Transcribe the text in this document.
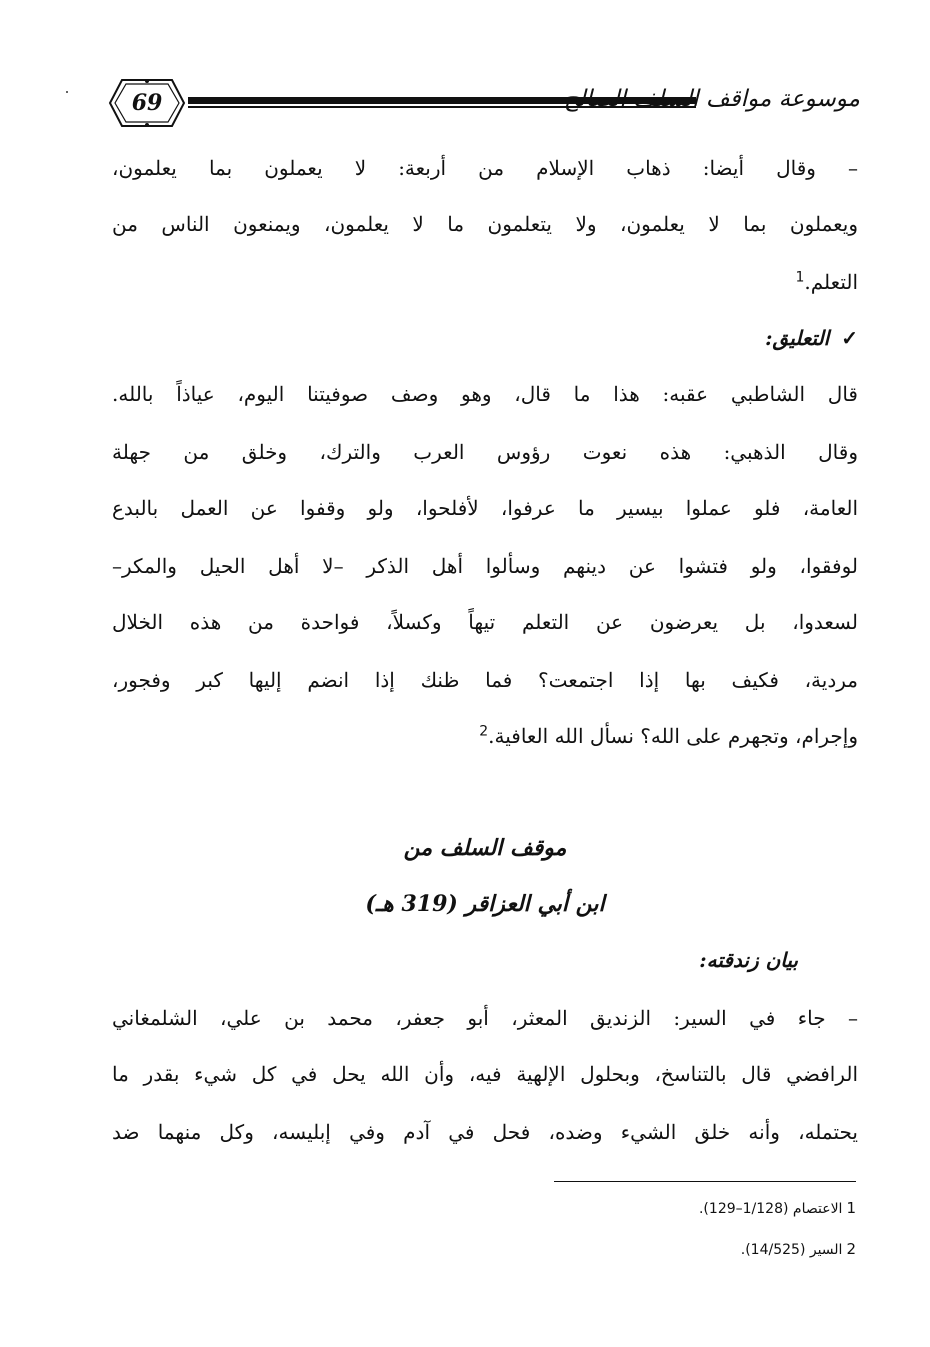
69	موسوعة مواقف السلف الصالح
– وقال أيضا: ذهاب الإسلام من أربعة: لا يعملون بما يعلمون،
ويعملون بما لا يعلمون، ولا يتعلمون ما لا يعلمون، ويمنعون الناس من
التعلم.$^1$
✓التعليق:
قال الشاطبي عقبه: هذا ما قال، وهو وصف صوفيتنا اليوم، عياذاً بالله.
وقال الذهبي: هذه نعوت رؤوس العرب والترك، وخلق من جهلة
العامة، فلو عملوا بيسير ما عرفوا، لأفلحوا، ولو وقفوا عن العمل بالبدع
لوفقوا، ولو فتشوا عن دينهم وسألوا أهل الذكر –لا أهل الحيل والمكر–
لسعدوا، بل يعرضون عن التعلم تيهاً وكسلاً، فواحدة من هذه الخلال
مردية، فكيف بها إذا اجتمعت؟ فما ظنك إذا انضم إليها كبر وفجور،
وإجرام، وتجهرم على الله؟ نسأل الله العافية.$^2$
موقف السلف من
ابن أبي العزاقر (319 هـ)
بيان زندقته:
– جاء في السير: الزنديق المعثر، أبو جعفر، محمد بن علي، الشلمغاني
الرافضي قال بالتناسخ، وبحلول الإلهية فيه، وأن الله يحل في كل شيء بقدر ما
يحتمله، وأنه خلق الشيء وضده، فحل في آدم وفي إبليسه، وكل منهما ضد
1الاعتصام (1/128–129).
2السير (14/525).
